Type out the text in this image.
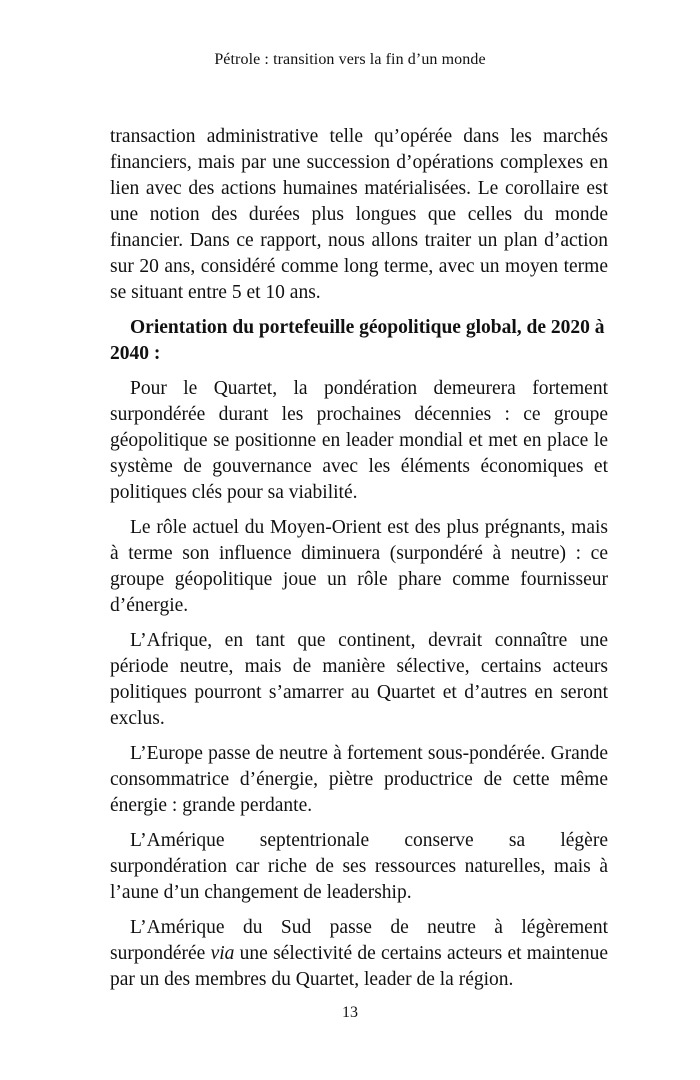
Pétrole : transition vers la fin d’un monde

transaction administrative telle qu’opérée dans les marchés financiers, mais par une succession d’opérations complexes en lien avec des actions humaines matérialisées. Le corollaire est une notion des durées plus longues que celles du monde financier. Dans ce rapport, nous allons traiter un plan d’action sur 20 ans, considéré comme long terme, avec un moyen terme se situant entre 5 et 10 ans.

Orientation du portefeuille géopolitique global, de 2020 à 2040 :

Pour le Quartet, la pondération demeurera fortement surpondérée durant les prochaines décennies : ce groupe géopolitique se positionne en leader mondial et met en place le système de gouvernance avec les éléments économiques et politiques clés pour sa viabilité.

Le rôle actuel du Moyen-Orient est des plus prégnants, mais à terme son influence diminuera (surpondéré à neutre) : ce groupe géopolitique joue un rôle phare comme fournisseur d’énergie.

L’Afrique, en tant que continent, devrait connaître une période neutre, mais de manière sélective, certains acteurs politiques pourront s’amarrer au Quartet et d’autres en seront exclus.

L’Europe passe de neutre à fortement sous-pondérée. Grande consommatrice d’énergie, piètre productrice de cette même énergie : grande perdante.

L’Amérique septentrionale conserve sa légère surpondération car riche de ses ressources naturelles, mais à l’aune d’un changement de leadership.

L’Amérique du Sud passe de neutre à légèrement surpondérée via une sélectivité de certains acteurs et maintenue par un des membres du Quartet, leader de la région.

13
